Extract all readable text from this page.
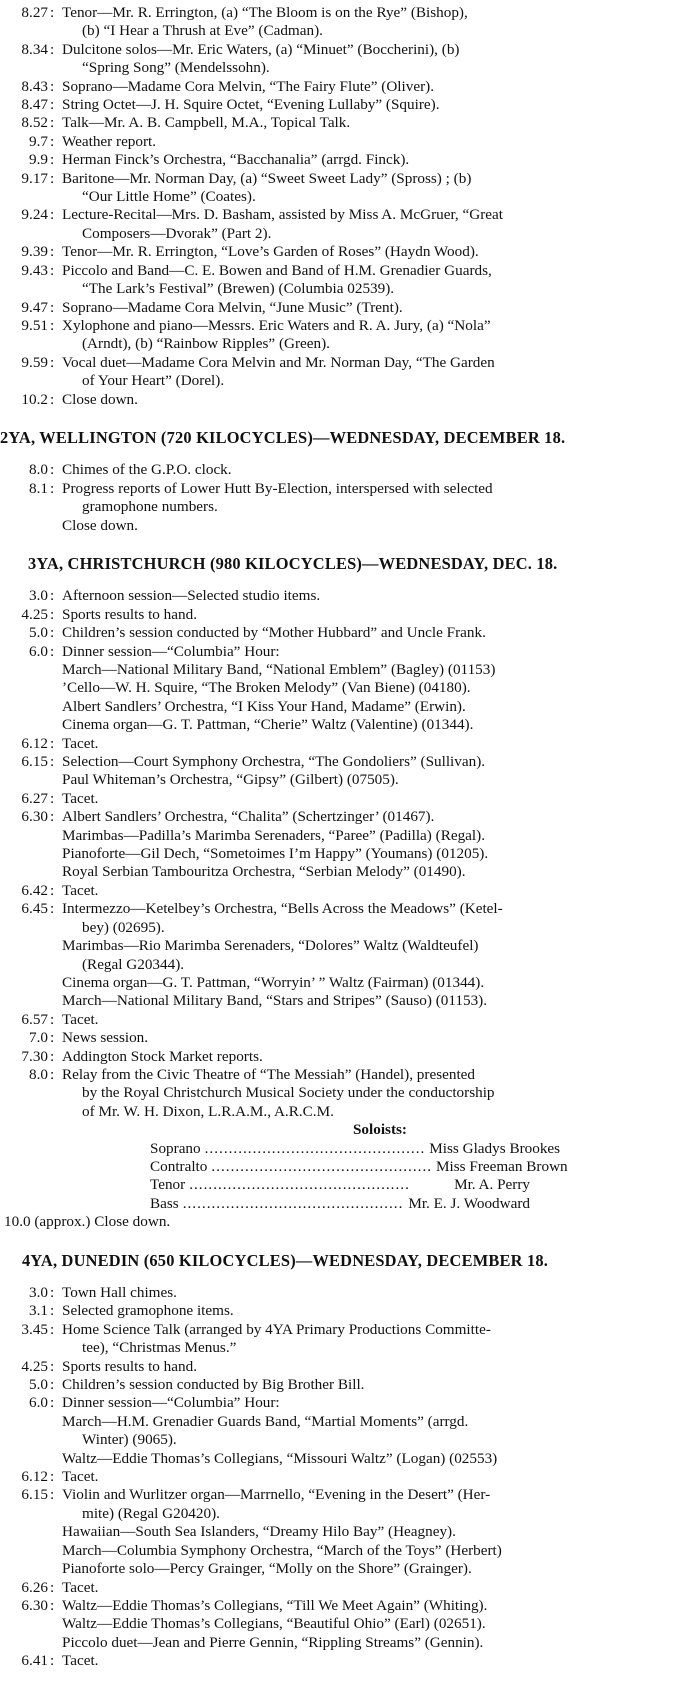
8.27 : Tenor—Mr. R. Errington, (a) “The Bloom is on the Rye” (Bishop),
(b) “I Hear a Thrush at Eve” (Cadman).
8.34 : Dulcitone solos—Mr. Eric Waters, (a) “Minuet” (Boccherini), (b)
“Spring Song” (Mendelssohn).
8.43 : Soprano—Madame Cora Melvin, “The Fairy Flute” (Oliver).
8.47 : String Octet—J. H. Squire Octet, “Evening Lullaby” (Squire).
8.52 : Talk—Mr. A. B. Campbell, M.A., Topical Talk.
9.7 : Weather report.
9.9 : Herman Finck’s Orchestra, “Bacchanalia” (arrgd. Finck).
9.17 : Baritone—Mr. Norman Day, (a) “Sweet Sweet Lady” (Spross) ; (b)
“Our Little Home” (Coates).
9.24 : Lecture-Recital—Mrs. D. Basham, assisted by Miss A. McGruer, “Great
Composers—Dvorak” (Part 2).
9.39 : Tenor—Mr. R. Errington, “Love’s Garden of Roses” (Haydn Wood).
9.43 : Piccolo and Band—C. E. Bowen and Band of H.M. Grenadier Guards,
“The Lark’s Festival” (Brewen) (Columbia 02539).
9.47 : Soprano—Madame Cora Melvin, “June Music” (Trent).
9.51 : Xylophone and piano—Messrs. Eric Waters and R. A. Jury, (a) “Nola”
(Arndt), (b) “Rainbow Ripples” (Green).
9.59 : Vocal duet—Madame Cora Melvin and Mr. Norman Day, “The Garden
of Your Heart” (Dorel).
10.2 : Close down.
2YA, WELLINGTON (720 KILOCYCLES)—WEDNESDAY, DECEMBER 18.
8.0 : Chimes of the G.P.O. clock.
8.1 : Progress reports of Lower Hutt By-Election, interspersed with selected
gramophone numbers.
Close down.
3YA, CHRISTCHURCH (980 KILOCYCLES)—WEDNESDAY, DEC. 18.
3.0 : Afternoon session—Selected studio items.
4.25 : Sports results to hand.
5.0 : Children’s session conducted by “Mother Hubbard” and Uncle Frank.
6.0 : Dinner session—“Columbia” Hour:
March—National Military Band, “National Emblem” (Bagley) (01153)
’Cello—W. H. Squire, “The Broken Melody” (Van Biene) (04180).
Albert Sandlers’ Orchestra, “I Kiss Your Hand, Madame” (Erwin).
Cinema organ—G. T. Pattman, “Cherie” Waltz (Valentine) (01344).
6.12 : Tacet.
6.15 : Selection—Court Symphony Orchestra, “The Gondoliers” (Sullivan).
Paul Whiteman’s Orchestra, “Gipsy” (Gilbert) (07505).
6.27 : Tacet.
6.30 : Albert Sandlers’ Orchestra, “Chalita” (Schertzinger’ (01467).
Marimbas—Padilla’s Marimba Serenaders, “Paree” (Padilla) (Regal).
Pianoforte—Gil Dech, “Sometoimes I’m Happy” (Youmans) (01205).
Royal Serbian Tambouritza Orchestra, “Serbian Melody” (01490).
6.42 : Tacet.
6.45 : Intermezzo—Ketelbey’s Orchestra, “Bells Across the Meadows” (Ketel-
bey) (02695).
Marimbas—Rio Marimba Serenaders, “Dolores” Waltz (Waldteufel)
(Regal G20344).
Cinema organ—G. T. Pattman, “Worryin’ ” Waltz (Fairman) (01344).
March—National Military Band, “Stars and Stripes” (Sauso) (01153).
6.57 : Tacet.
7.0 : News session.
7.30 : Addington Stock Market reports.
8.0 : Relay from the Civic Theatre of “The Messiah” (Handel), presented
by the Royal Christchurch Musical Society under the conductorship
of Mr. W. H. Dixon, L.R.A.M., A.R.C.M.
Soloists:
Soprano .............................................. Miss Gladys Brookes
Contralto .............................................. Miss Freeman Brown
Tenor ..............................................	Mr. A. Perry
Bass .............................................. Mr. E. J. Woodward
10.0 (approx.) Close down.
4YA, DUNEDIN (650 KILOCYCLES)—WEDNESDAY, DECEMBER 18.
3.0 : Town Hall chimes.
3.1 : Selected gramophone items.
3.45 : Home Science Talk (arranged by 4YA Primary Productions Committe-
tee), “Christmas Menus.”
4.25 : Sports results to hand.
5.0 : Children’s session conducted by Big Brother Bill.
6.0 : Dinner session—“Columbia” Hour:
March—H.M. Grenadier Guards Band, “Martial Moments” (arrgd.
Winter) (9065).
Waltz—Eddie Thomas’s Collegians, “Missouri Waltz” (Logan) (02553)
6.12 : Tacet.
6.15 : Violin and Wurlitzer organ—Marrnello, “Evening in the Desert” (Her-
mite) (Regal G20420).
Hawaiian—South Sea Islanders, “Dreamy Hilo Bay” (Heagney).
March—Columbia Symphony Orchestra, “March of the Toys” (Herbert)
Pianoforte solo—Percy Grainger, “Molly on the Shore” (Grainger).
6.26 : Tacet.
6.30 : Waltz—Eddie Thomas’s Collegians, “Till We Meet Again” (Whiting).
Waltz—Eddie Thomas’s Collegians, “Beautiful Ohio” (Earl) (02651).
Piccolo duet—Jean and Pierre Gennin, “Rippling Streams” (Gennin).
6.41 : Tacet.
